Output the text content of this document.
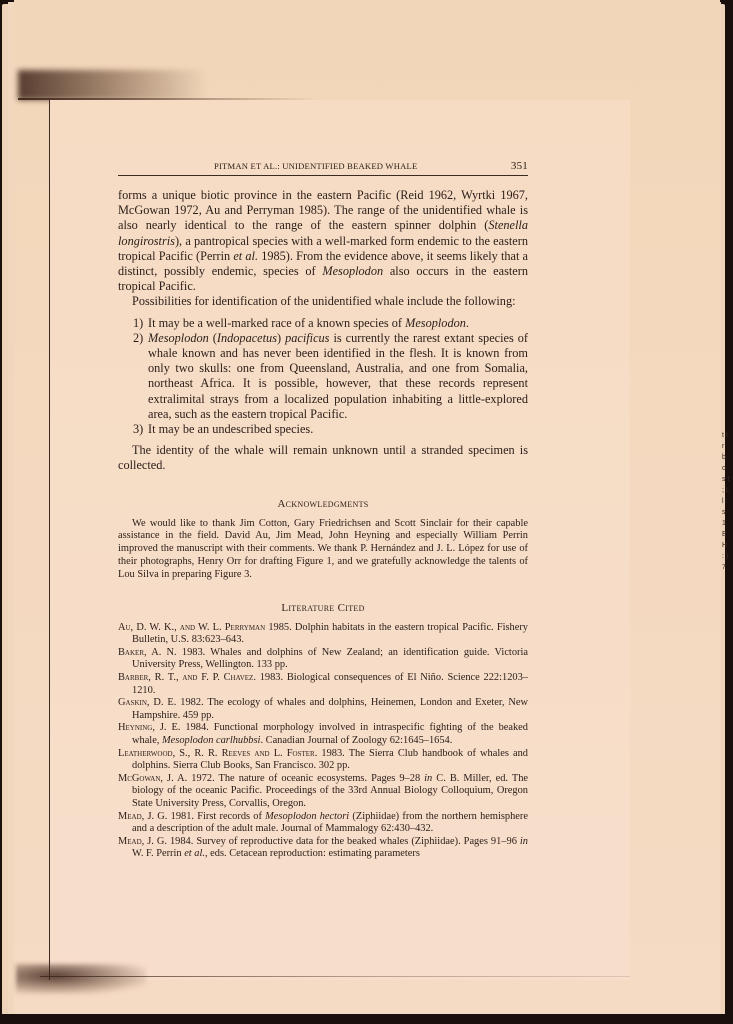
t t r b o s t ; L l : s 1 E H : ) 7
PITMAN ET AL.: UNIDENTIFIED BEAKED WHALE	351

forms a unique biotic province in the eastern Pacific (Reid 1962, Wyrtki 1967, McGowan 1972, Au and Perryman 1985). The range of the unidentified whale is also nearly identical to the range of the eastern spinner dolphin (Stenella longirostris), a pantropical species with a well-marked form endemic to the eastern tropical Pacific (Perrin et al. 1985). From the evidence above, it seems likely that a distinct, possibly endemic, species of Mesoplodon also occurs in the eastern tropical Pacific.

Possibilities for identification of the unidentified whale include the following:

1) It may be a well-marked race of a known species of Mesoplodon.
2) Mesoplodon (Indopacetus) pacificus is currently the rarest extant species of whale known and has never been identified in the flesh. It is known from only two skulls: one from Queensland, Australia, and one from Somalia, northeast Africa. It is possible, however, that these records represent extralimital strays from a localized population inhabiting a little-explored area, such as the eastern tropical Pacific.
3) It may be an undescribed species.

The identity of the whale will remain unknown until a stranded specimen is collected.

Acknowledgments

We would like to thank Jim Cotton, Gary Friedrichsen and Scott Sinclair for their capable assistance in the field. David Au, Jim Mead, John Heyning and especially William Perrin improved the manuscript with their comments. We thank P. Hernández and J. L. López for use of their photographs, Henry Orr for drafting Figure 1, and we gratefully acknowledge the talents of Lou Silva in preparing Figure 3.

Literature Cited
Au, D. W. K., and W. L. Perryman 1985. Dolphin habitats in the eastern tropical Pacific. Fishery Bulletin, U.S. 83:623–643.
Baker, A. N. 1983. Whales and dolphins of New Zealand; an identification guide. Victoria University Press, Wellington. 133 pp.
Barber, R. T., and F. P. Chavez. 1983. Biological consequences of El Niño. Science 222:1203–1210.
Gaskin, D. E. 1982. The ecology of whales and dolphins, Heinemen, London and Exeter, New Hampshire. 459 pp.
Heyning, J. E. 1984. Functional morphology involved in intraspecific fighting of the beaked whale, Mesoplodon carlhubbsi. Canadian Journal of Zoology 62:1645–1654.
Leatherwood, S., R. R. Reeves and L. Foster. 1983. The Sierra Club handbook of whales and dolphins. Sierra Club Books, San Francisco. 302 pp.
McGowan, J. A. 1972. The nature of oceanic ecosystems. Pages 9–28 in C. B. Miller, ed. The biology of the oceanic Pacific. Proceedings of the 33rd Annual Biology Colloquium, Oregon State University Press, Corvallis, Oregon.
Mead, J. G. 1981. First records of Mesoplodon hectori (Ziphiidae) from the northern hemisphere and a description of the adult male. Journal of Mammalogy 62:430–432.
Mead, J. G. 1984. Survey of reproductive data for the beaked whales (Ziphiidae). Pages 91–96 in W. F. Perrin et al., eds. Cetacean reproduction: estimating parameters
